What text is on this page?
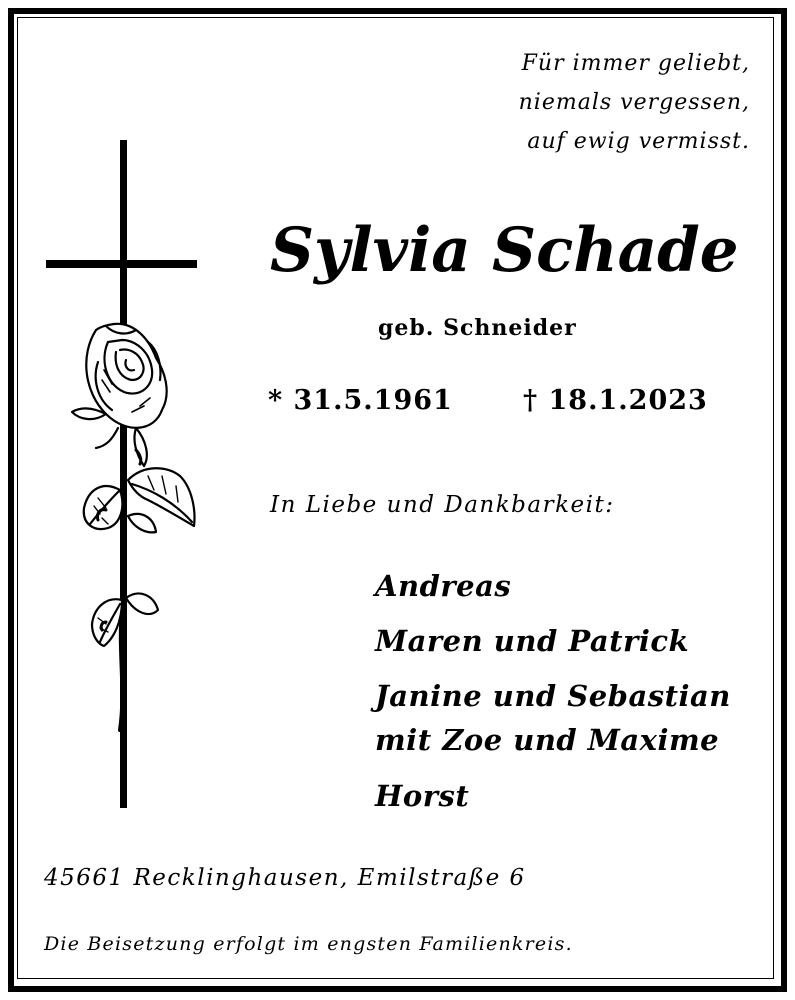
Für immer geliebt,

niemals vergessen,

auf ewig vermisst.

Sylvia Schade

geb. Schneider

* 31.5.1961	† 18.1.2023

In Liebe und Dankbarkeit:

Andreas

Maren und Patrick

Janine und Sebastian

mit Zoe und Maxime

Horst

45661 Recklinghausen, Emilstraße 6

Die Beisetzung erfolgt im engsten Familienkreis.
